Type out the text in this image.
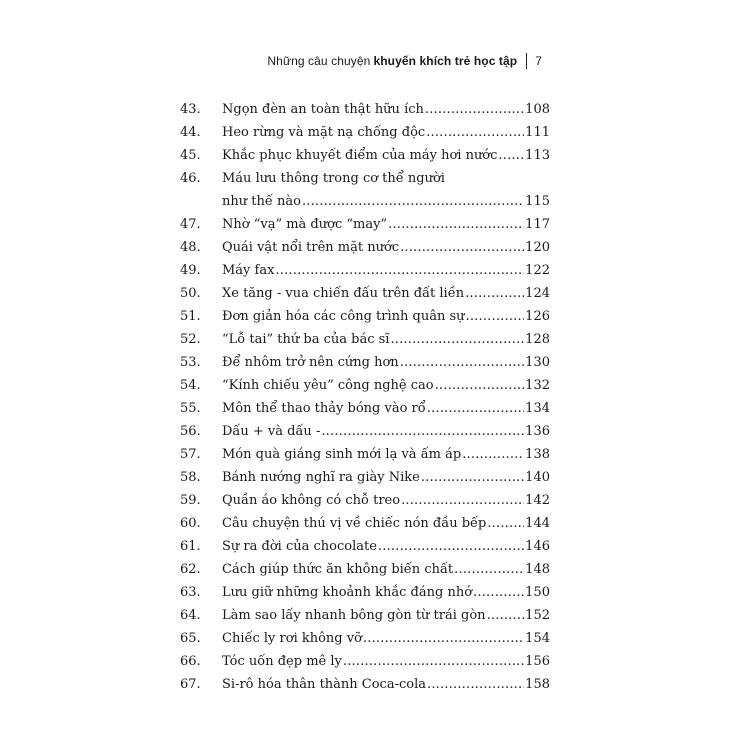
Những câu chuyện khuyến khích trẻ học tập 7
43.	Ngọn đèn an toàn thật hữu ích .....	108
44.	Heo rừng và mặt nạ chống độc .....	111
45.	Khắc phục khuyết điểm của máy hơi nước ..... 113
46.	Máu lưu thông trong cơ thể người
như thế nào .....	115
47.	Nhờ “vạ” mà được “may” .....	117
48.	Quái vật nổi trên mặt nước .....	120
49.	Máy fax .....	122
50.	Xe tăng - vua chiến đấu trên đất liền .....	124
51.	Đơn giản hóa các công trình quân sự .....	126
52.	“Lỗ tai” thứ ba của bác sĩ .....	128
53.	Để nhôm trở nên cứng hơn .....	130
54.	“Kính chiếu yêu” công nghệ cao .....	132
55.	Môn thể thao thảy bóng vào rổ .....	134
56.	Dấu + và dấu - .....	136
57.	Món quà giáng sinh mới lạ và ấm áp .....	138
58.	Bánh nướng nghĩ ra giày Nike .....	140
59.	Quần áo không có chỗ treo .....	142
60.	Câu chuyện thú vị về chiếc nón đầu bếp .....	144
61.	Sự ra đời của chocolate .....	146
62.	Cách giúp thức ăn không biến chất .....	148
63.	Lưu giữ những khoảnh khắc đáng nhớ .....	150
64.	Làm sao lấy nhanh bông gòn từ trái gòn .....	152
65.	Chiếc ly rơi không vỡ .....	154
66.	Tóc uốn đẹp mê ly .....	156
67.	Si-rô hóa thân thành Coca-cola .....	158
